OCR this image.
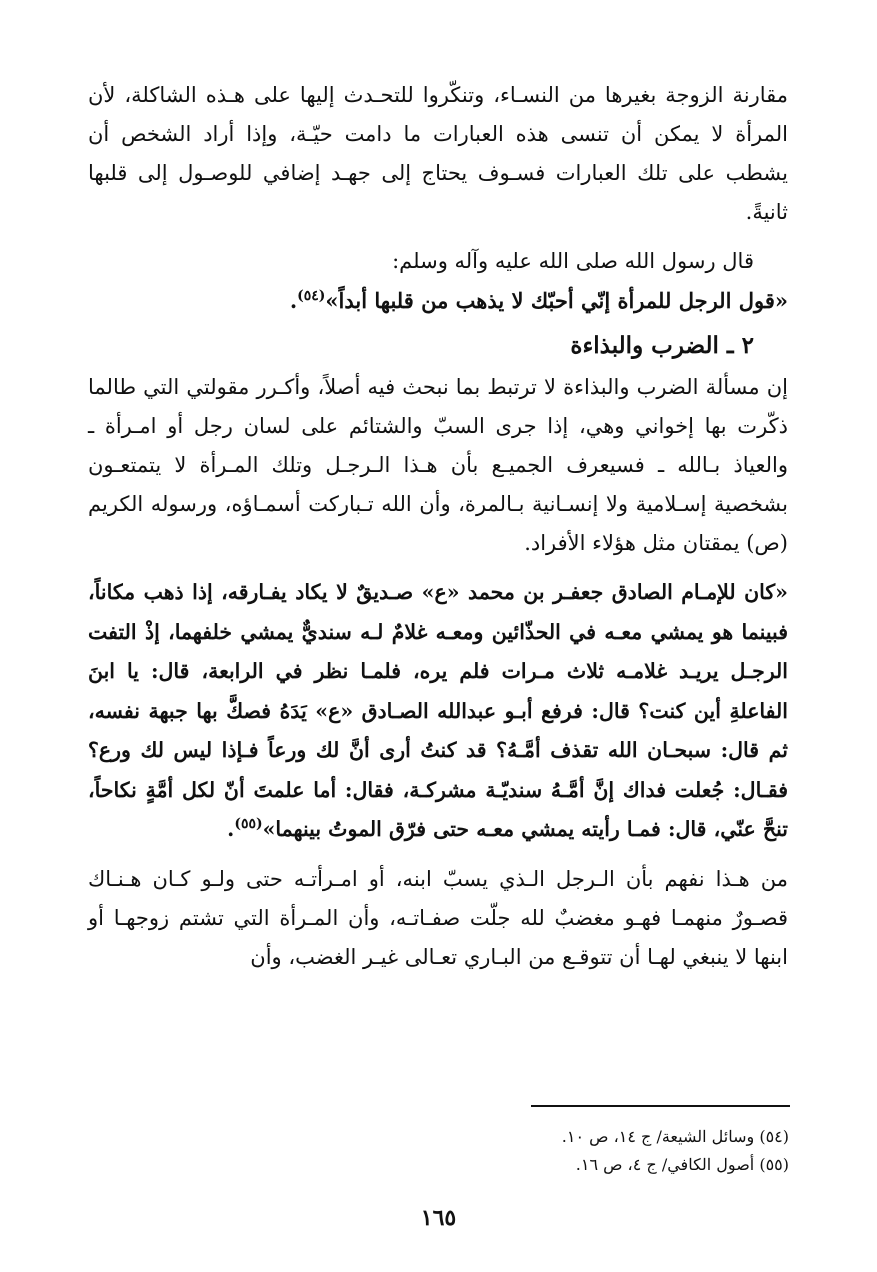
مقارنة الزوجة بغيرها من النسـاء، وتنكّروا للتحـدث إليها على هـذه الشاكلة، لأن المرأة لا يمكن أن تنسى هذه العبارات ما دامت حيّـة، وإذا أراد الشخص أن يشطب على تلك العبارات فسـوف يحتاج إلى جهـد إضافي للوصـول إلى قلبها ثانيةً.

قال رسول الله صلى الله عليه وآله وسلم:

«قول الرجل للمرأة إنّي أحبّك لا يذهب من قلبها أبداً»$^{(٥٤)}$.

٢ ـ الضرب والبذاءة

إن مسألة الضرب والبذاءة لا ترتبط بما نبحث فيه أصلاً، وأكـرر مقولتي التي طالما ذكّرت بها إخواني وهي، إذا جرى السبّ والشتائم على لسان رجل أو امـرأة ـ والعياذ بـالله ـ فسيعرف الجميـع بأن هـذا الـرجـل وتلك المـرأة لا يتمتعـون بشخصية إسـلامية ولا إنسـانية بـالمرة، وأن الله تـباركت أسمـاؤه، ورسوله الكريم (ص) يمقتان مثل هؤلاء الأفراد.

«كان للإمـام الصادق جعفـر بن محمد «ع» صـديقٌ لا يكاد يفـارقه، إذا ذهب مكاناً، فبينما هو يمشي معـه في الحذّائين ومعـه غلامٌ لـه سنديٌّ يمشي خلفهما، إذْ التفت الرجـل يريـد غلامـه ثلاث مـرات فلم يره، فلمـا نظر في الرابعة، قال: يا ابنَ الفاعلةِ أين كنت؟ قال: فرفع أبـو عبدالله الصـادق «ع» يَدَهُ فصكَّ بها جبهة نفسه، ثم قال: سبحـان الله تقذف أمَّـهُ؟ قد كنتُ أرى أنَّ لك ورعاً فـإذا ليس لك ورع؟ فقـال: جُعلت فداك إنَّ أمَّـهُ سنديّـة مشركـة، فقال: أما علمتَ أنّ لكل أمَّةٍ نكاحاً، تنحَّ عنّي، قال: فمـا رأيته يمشي معـه حتى فرّق الموتُ بينهما»$^{(٥٥)}$.

من هـذا نفهم بأن الـرجل الـذي يسبّ ابنه، أو امـرأتـه حتى ولـو كـان هـنـاك قصـورٌ منهمـا فهـو مغضبٌ لله جلّت صفـاتـه، وأن المـرأة التي تشتم زوجهـا أو ابنها لا ينبغي لهـا أن تتوقـع من البـاري تعـالى غيـر الغضب، وأن

(٥٤) وسائل الشيعة/ ج ١٤، ص ١٠.
(٥٥) أصول الكافي/ ج ٤، ص ١٦.
١٦٥
